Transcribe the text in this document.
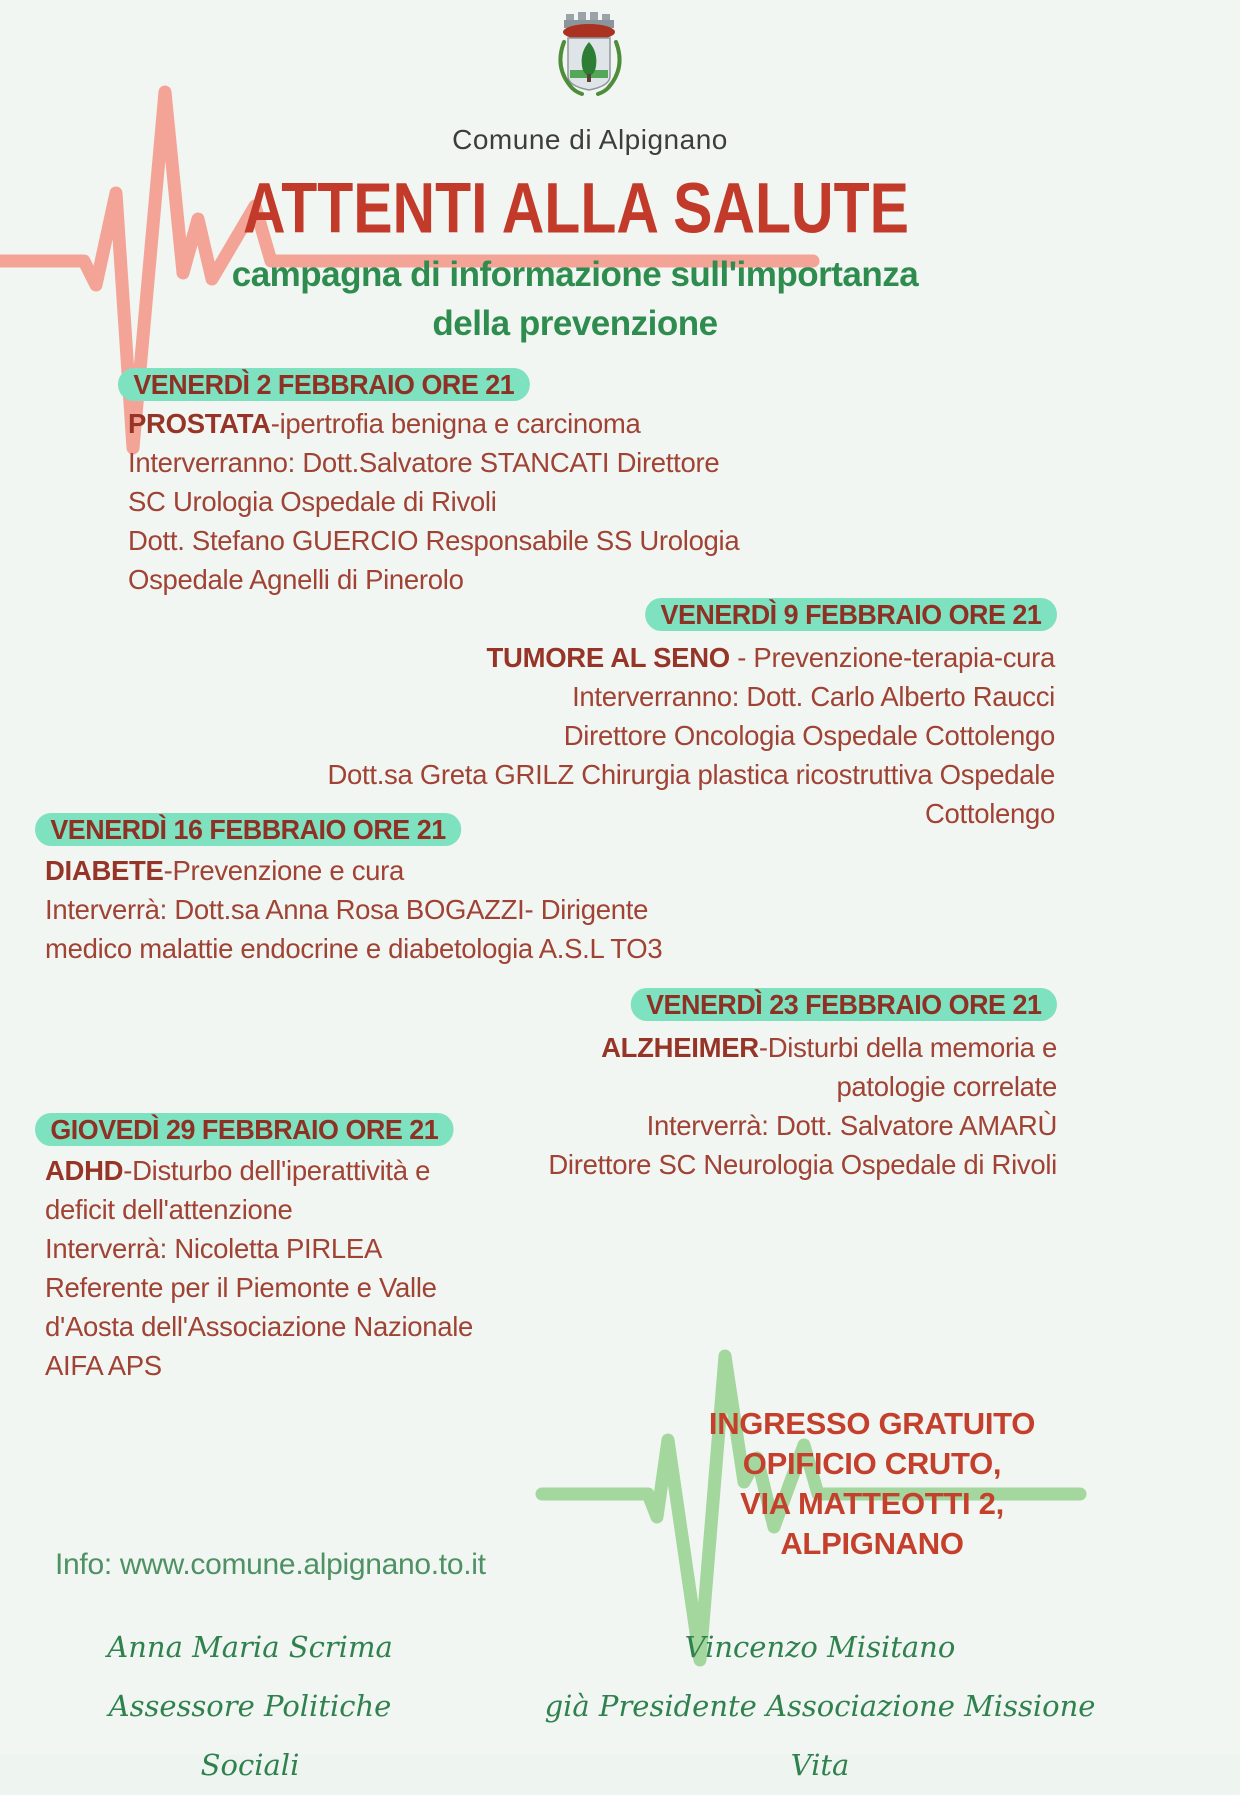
Comune di Alpignano
ATTENTI ALLA SALUTE
campagna di informazione sull'importanza
della prevenzione
VENERDÌ 2 FEBBRAIO ORE 21
PROSTATA-ipertrofia benigna e carcinoma
Interverranno: Dott.Salvatore STANCATI Direttore
SC Urologia Ospedale di Rivoli
Dott. Stefano GUERCIO Responsabile SS Urologia
Ospedale Agnelli di Pinerolo
VENERDÌ 9 FEBBRAIO ORE 21
TUMORE AL SENO - Prevenzione-terapia-cura
Interverranno: Dott. Carlo Alberto Raucci
Direttore Oncologia Ospedale Cottolengo
Dott.sa Greta GRILZ Chirurgia plastica ricostruttiva Ospedale
Cottolengo
VENERDÌ 16 FEBBRAIO ORE 21
DIABETE-Prevenzione e cura
Interverrà: Dott.sa Anna Rosa BOGAZZI- Dirigente
medico malattie endocrine e diabetologia A.S.L TO3
VENERDÌ 23 FEBBRAIO ORE 21
ALZHEIMER-Disturbi della memoria e
patologie correlate
Interverrà: Dott. Salvatore AMARÙ
Direttore SC Neurologia Ospedale di Rivoli
GIOVEDÌ 29 FEBBRAIO ORE 21
ADHD-Disturbo dell'iperattività e
deficit dell'attenzione
Interverrà: Nicoletta PIRLEA
Referente per il Piemonte e Valle
d'Aosta dell'Associazione Nazionale
AIFA APS
Info: www.comune.alpignano.to.it
INGRESSO GRATUITO
OPIFICIO CRUTO,
VIA MATTEOTTI 2,
ALPIGNANO
Anna Maria Scrima
Assessore Politiche Sociali
Vincenzo Misitano
già Presidente Associazione Missione Vita
